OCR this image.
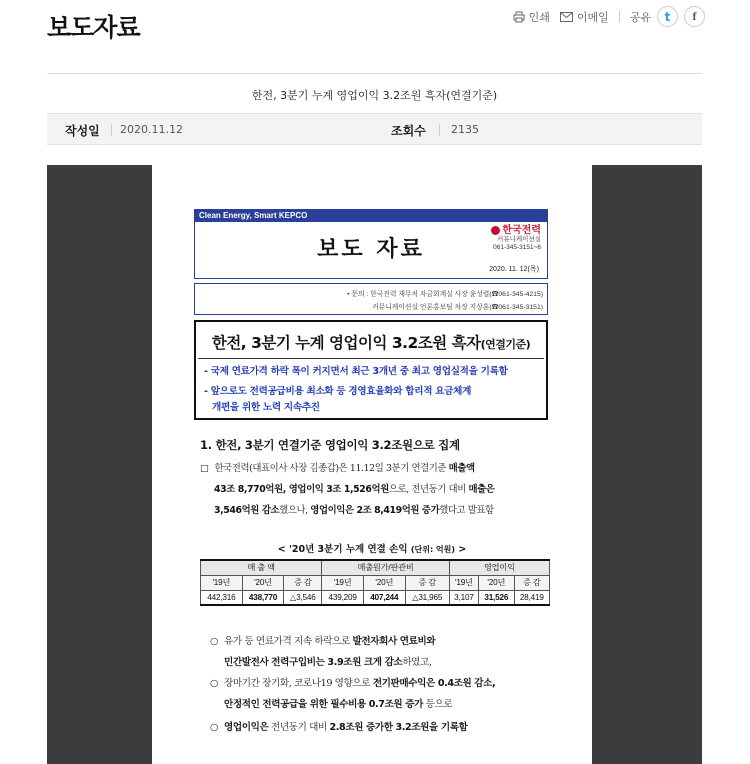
보도자료	인쇄 이메일 공유 t f
한전, 3분기 누계 영업이익 3.2조원 흑자(연결기준)
작성일 2020.11.12	조회수 2135
Clean Energy, Smart KEPCO
보도 자료
한국전력
커뮤니케이션실
061-345-3151~6
2020. 11. 12(목)
• 문의 : 한국전력 재무처 자금회계실 사장 윤성렬(☎061-345-4215)
커뮤니케이션실 언론홍보팀 차장 지상훈(☎061-345-3151)
한전, 3분기 누계 영업이익 3.2조원 흑자(연결기준)
- 국제 연료가격 하락 폭이 커지면서 최근 3개년 중 최고 영업실적을 기록함
- 앞으로도 전력공급비용 최소화 등 경영효율화와 합리적 요금체계
개편을 위한 노력 지속추진
1. 한전, 3분기 연결기준 영업이익 3.2조원으로 집계
□ 한국전력(대표이사 사장 김종갑)은 11.12일 3분기 연결기준 매출액
43조 8,770억원, 영업이익 3조 1,526억원으로, 전년동기 대비 매출은
3,546억원 감소했으나, 영업이익은 2조 8,419억원 증가했다고 발표함
< '20년 3분기 누계 연결 손익 (단위: 억원) >
매 출 액			매출원가/판관비			영업이익		
'19년	'20년	증 감	'19년	'20년	증 감	'19년	'20년	증 감
442,316	438,770	△3,546	439,209	407,244	△31,965	3,107	31,526	28,419
○ 유가 등 연료가격 지속 하락으로 발전자회사 연료비와
민간발전사 전력구입비는 3.9조원 크게 감소하였고,
○ 장마기간 장기화, 코로나19 영향으로 전기판매수익은 0.4조원 감소,
안정적인 전력공급을 위한 필수비용 0.7조원 증가 등으로
○ 영업이익은 전년동기 대비 2.8조원 증가한 3.2조원을 기록함
